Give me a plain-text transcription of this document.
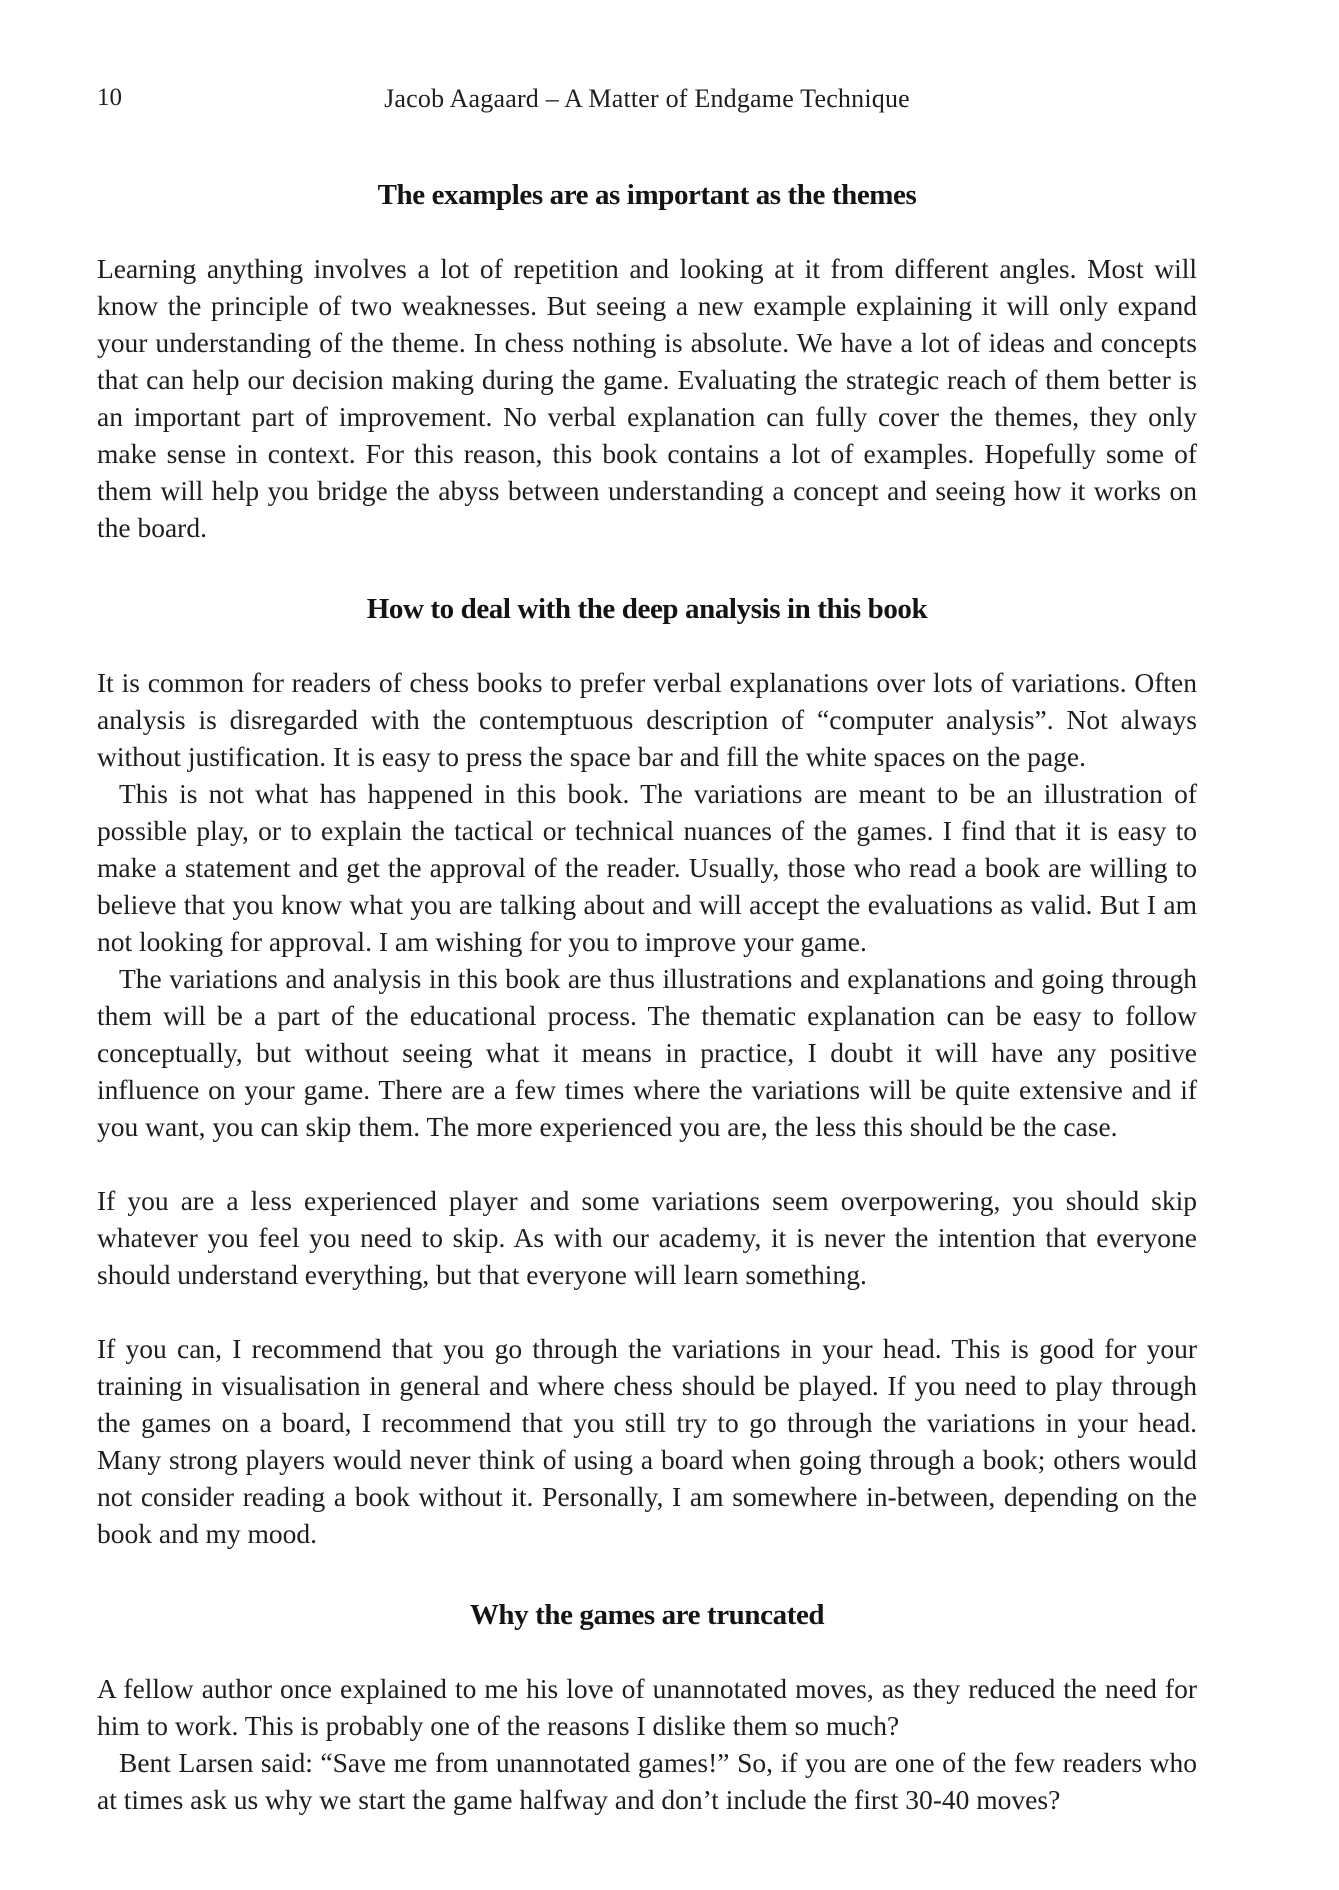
10	Jacob Aagaard – A Matter of Endgame Technique
The examples are as important as the themes

Learning anything involves a lot of repetition and looking at it from different angles. Most will know the principle of two weaknesses. But seeing a new example explaining it will only expand your understanding of the theme. In chess nothing is absolute. We have a lot of ideas and concepts that can help our decision making during the game. Evaluating the strategic reach of them better is an important part of improvement. No verbal explanation can fully cover the themes, they only make sense in context. For this reason, this book contains a lot of examples. Hopefully some of them will help you bridge the abyss between understanding a concept and seeing how it works on the board.

How to deal with the deep analysis in this book

It is common for readers of chess books to prefer verbal explanations over lots of variations. Often analysis is disregarded with the contemptuous description of “computer analysis”. Not always without justification. It is easy to press the space bar and fill the white spaces on the page.

This is not what has happened in this book. The variations are meant to be an illustration of possible play, or to explain the tactical or technical nuances of the games. I find that it is easy to make a statement and get the approval of the reader. Usually, those who read a book are willing to believe that you know what you are talking about and will accept the evaluations as valid. But I am not looking for approval. I am wishing for you to improve your game.

The variations and analysis in this book are thus illustrations and explanations and going through them will be a part of the educational process. The thematic explanation can be easy to follow conceptually, but without seeing what it means in practice, I doubt it will have any positive influence on your game. There are a few times where the variations will be quite extensive and if you want, you can skip them. The more experienced you are, the less this should be the case.

If you are a less experienced player and some variations seem overpowering, you should skip whatever you feel you need to skip. As with our academy, it is never the intention that everyone should understand everything, but that everyone will learn something.

If you can, I recommend that you go through the variations in your head. This is good for your training in visualisation in general and where chess should be played. If you need to play through the games on a board, I recommend that you still try to go through the variations in your head. Many strong players would never think of using a board when going through a book; others would not consider reading a book without it. Personally, I am somewhere in-between, depending on the book and my mood.

Why the games are truncated

A fellow author once explained to me his love of unannotated moves, as they reduced the need for him to work. This is probably one of the reasons I dislike them so much?

Bent Larsen said: “Save me from unannotated games!” So, if you are one of the few readers who at times ask us why we start the game halfway and don’t include the first 30-40 moves?
